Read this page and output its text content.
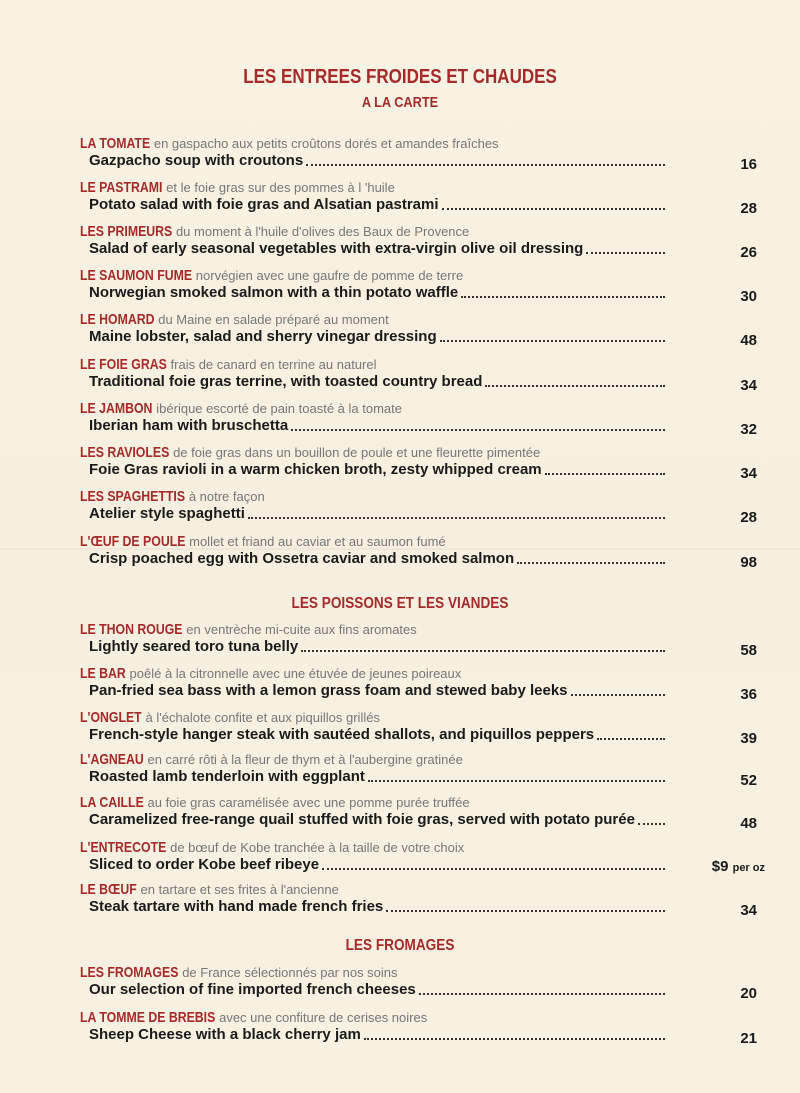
LES ENTREES FROIDES ET CHAUDES
A LA CARTE
LA TOMATE en gaspacho aux petits croûtons dorés et amandes fraîches
Gazpacho soup with croutons	16
LE PASTRAMI et le foie gras sur des pommes à l 'huile
Potato salad with foie gras and Alsatian pastrami	28
LES PRIMEURS du moment à l'huile d'olives des Baux de Provence
Salad of early seasonal vegetables with extra-virgin olive oil dressing	26
LE SAUMON FUME norvégien avec une gaufre de pomme de terre
Norwegian smoked salmon with a thin potato waffle	30
LE HOMARD du Maine en salade préparé au moment
Maine lobster, salad and sherry vinegar dressing	48
LE FOIE GRAS frais de canard en terrine au naturel
Traditional foie gras terrine, with toasted country bread	34
LE JAMBON ibérique escorté de pain toasté à la tomate
Iberian ham with bruschetta	32
LES RAVIOLES de foie gras dans un bouillon de poule et une fleurette pimentée
Foie Gras ravioli in a warm chicken broth, zesty whipped cream	34
LES SPAGHETTIS à notre façon
Atelier style spaghetti	28
L'ŒUF DE POULE mollet et friand au caviar et au saumon fumé
Crisp poached egg with Ossetra caviar and smoked salmon	98
LES POISSONS ET LES VIANDES
LE THON ROUGE en ventrèche mi-cuite aux fins aromates
Lightly seared toro tuna belly	58
LE BAR poêlé à la citronnelle avec une étuvée de jeunes poireaux
Pan-fried sea bass with a lemon grass foam and stewed baby leeks	36
L'ONGLET à l'échalote confite et aux piquillos grillés
French-style hanger steak with sautéed shallots, and piquillos peppers	39
L'AGNEAU en carré rôti à la fleur de thym et à l'aubergine gratinée
Roasted lamb tenderloin with eggplant	52
LA CAILLE au foie gras caramélisée avec une pomme purée truffée
Caramelized free-range quail stuffed with foie gras, served with potato purée	48
L'ENTRECOTE de bœuf de Kobe tranchée à la taille de votre choix
Sliced to order Kobe beef ribeye	$9 per oz
LE BŒUF en tartare et ses frites à l'ancienne
Steak tartare with hand made french fries	34
LES FROMAGES
LES FROMAGES de France sélectionnés par nos soins
Our selection of fine imported french cheeses	20
LA TOMME DE BREBIS avec une confiture de cerises noires
Sheep Cheese with a black cherry jam	21
